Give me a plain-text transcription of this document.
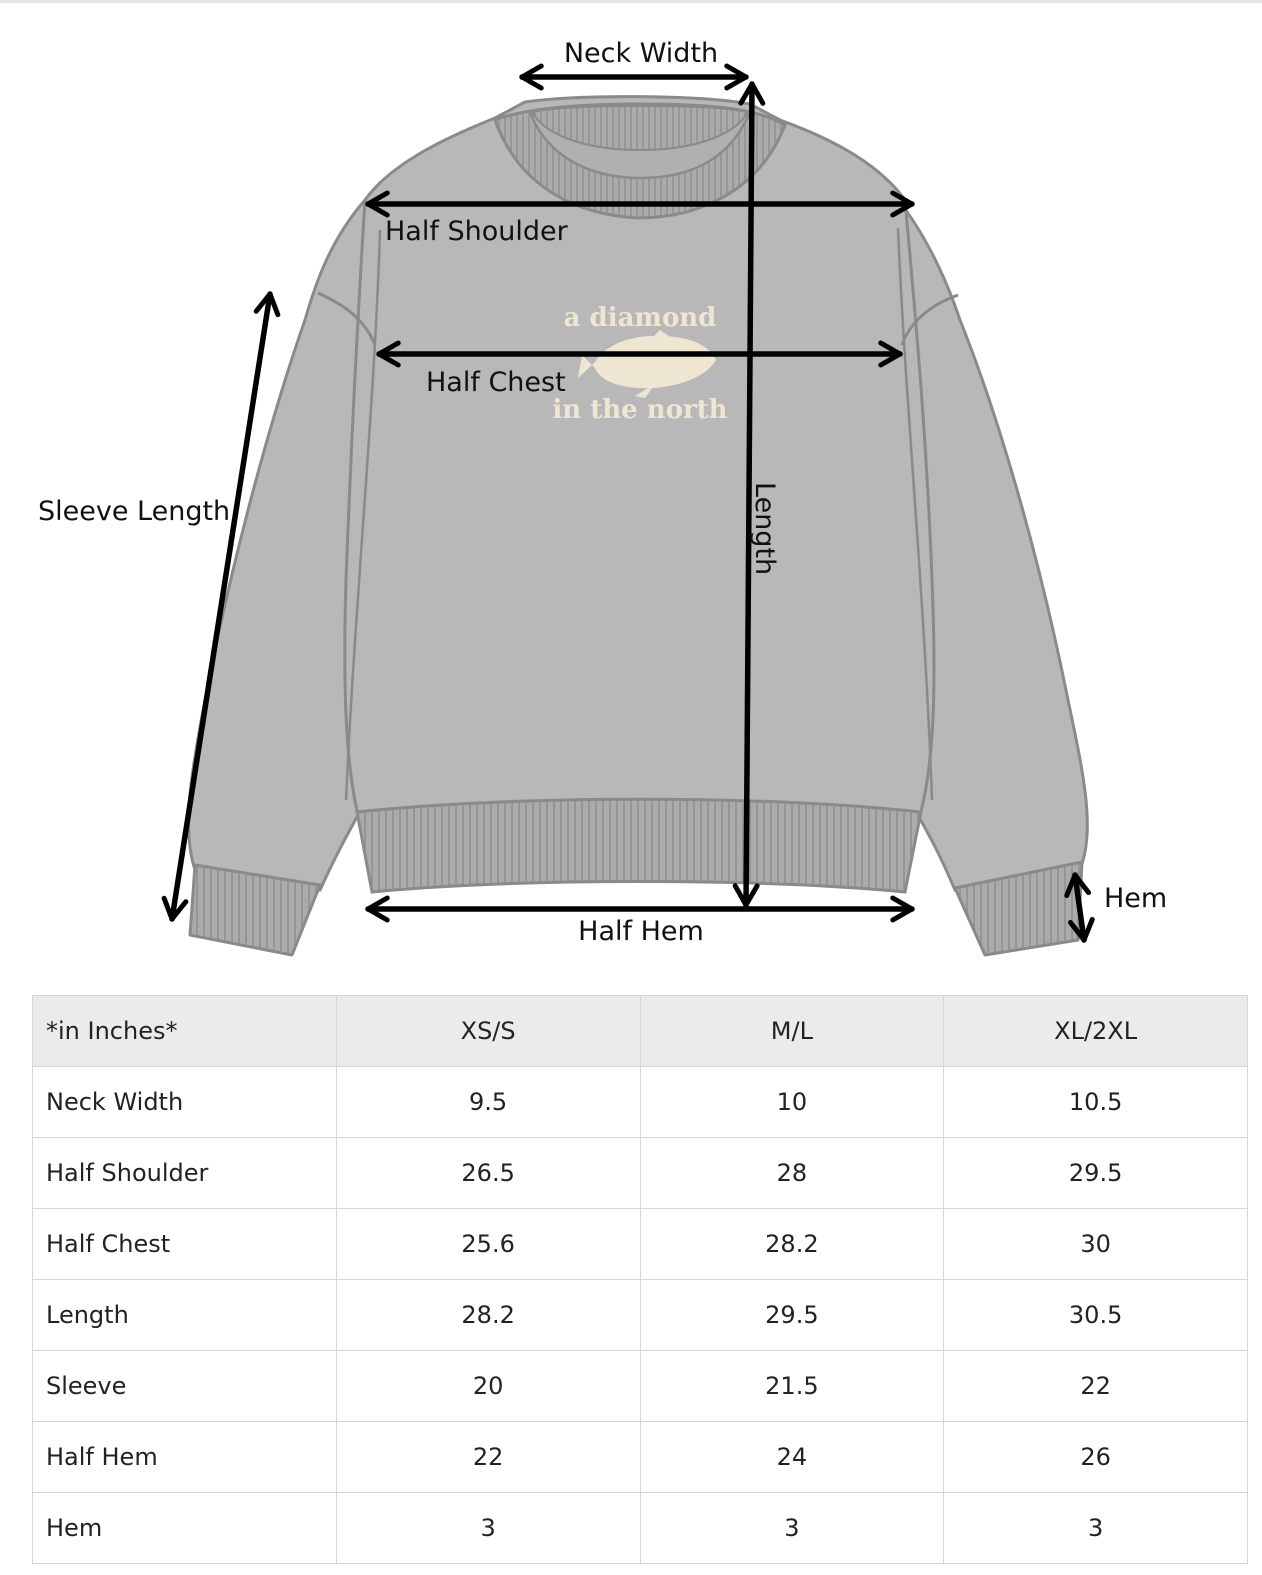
a diamond
in the north
Neck Width
Half Shoulder
Half Chest
Sleeve Length	Length
Hem
Half Hem
*in Inches*	XS/S	M/L	XL/2XL
Neck Width	9.5	10	10.5
Half Shoulder	26.5	28	29.5
Half Chest	25.6	28.2	30
Length	28.2	29.5	30.5
Sleeve	20	21.5	22
Half Hem	22	24	26
Hem	3	3	3
